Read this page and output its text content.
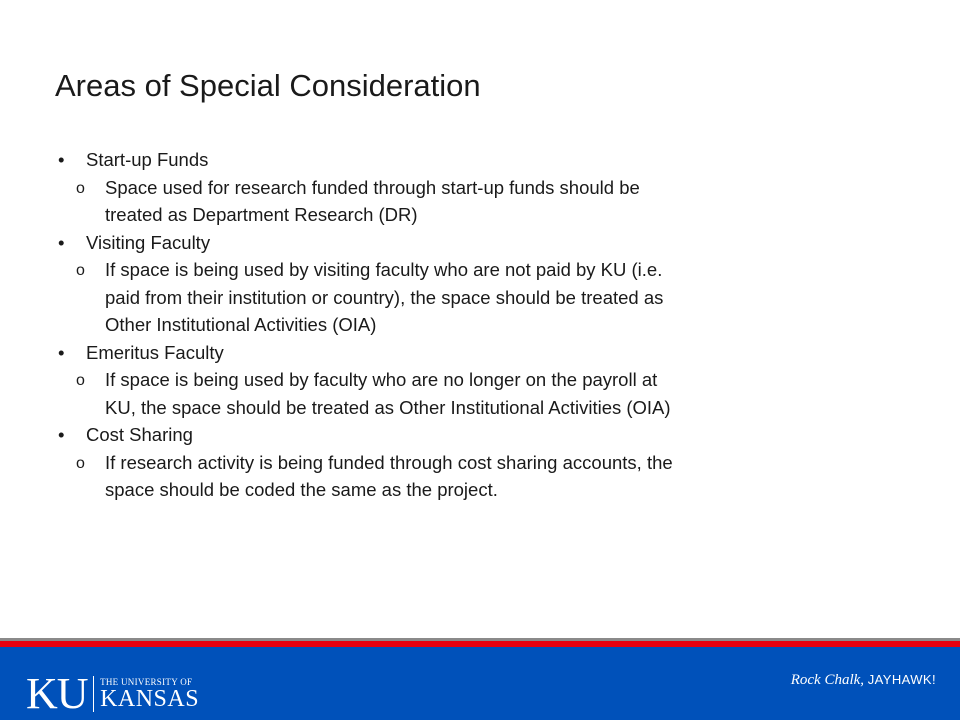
Areas of Special Consideration
•	Start-up Funds
o Space used for research funded through start-up funds should be
treated as Department Research (DR)
•	Visiting Faculty
o If space is being used by visiting faculty who are not paid by KU (i.e.
paid from their institution or country), the space should be treated as
Other Institutional Activities (OIA)
•	Emeritus Faculty
o If space is being used by faculty who are no longer on the payroll at
KU, the space should be treated as Other Institutional Activities (OIA)
•	Cost Sharing
o If research activity is being funded through cost sharing accounts, the
space should be coded the same as the project.
KU THE UNIVERSITY OF
KANSAS
Rock Chalk, JAYHAWK!
